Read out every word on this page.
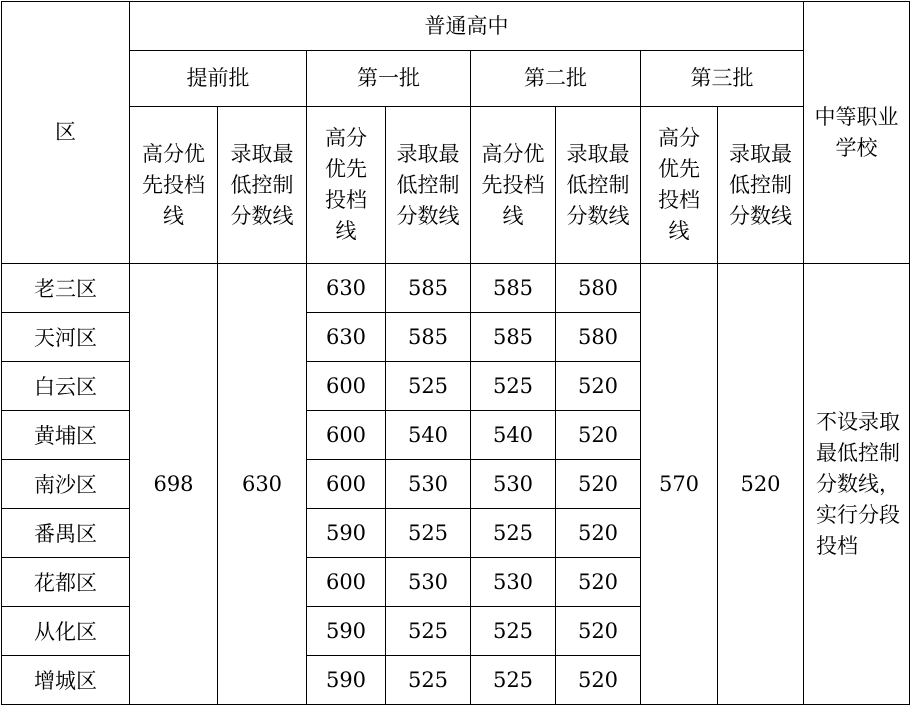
区	普通高中								中等职业学校
	提前批		第一批		第二批		第三批		
	高分优先投档线	录取最低控制分数线	高分优先投档线	录取最低控制分数线	高分优先投档线	录取最低控制分数线	高分优先投档线	录取最低控制分数线	
老三区	698	630	630	585	585	580	570	520	不设录取最低控制分数线，实行分段投档
天河区			630	585	585	580			
白云区			600	525	525	520			
黄埔区			600	540	540	520			
南沙区			600	530	530	520			
番禺区			590	525	525	520			
花都区			600	530	530	520			
从化区			590	525	525	520			
增城区			590	525	525	520			
